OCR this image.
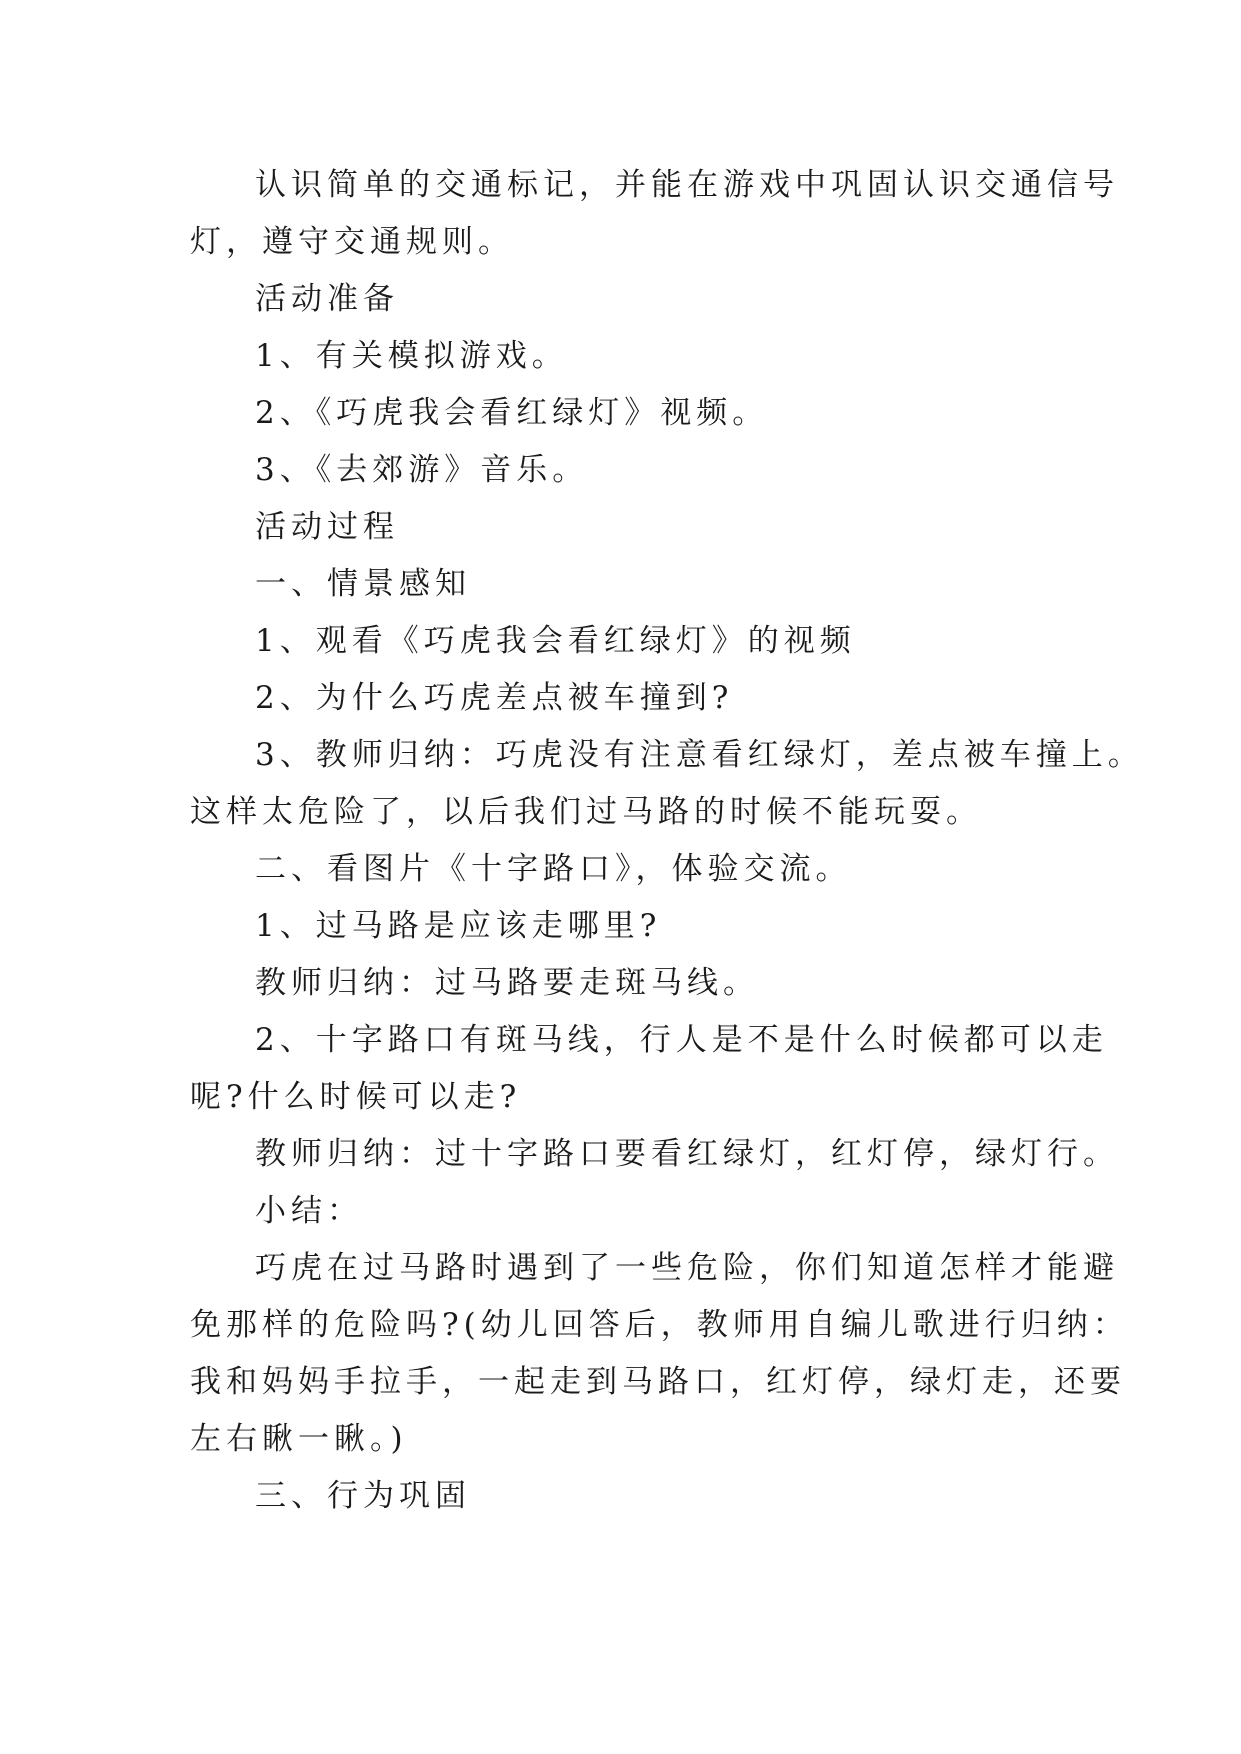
认识简单的交通标记，并能在游戏中巩固认识交通信号
灯，遵守交通规则。
活动准备
1、有关模拟游戏。
2、《巧虎我会看红绿灯》视频。
3、《去郊游》音乐。
活动过程
一、情景感知
1、观看《巧虎我会看红绿灯》的视频
2、为什么巧虎差点被车撞到?
3、教师归纳：巧虎没有注意看红绿灯，差点被车撞上。
这样太危险了，以后我们过马路的时候不能玩耍。
二、看图片《十字路口》，体验交流。
1、过马路是应该走哪里?
教师归纳：过马路要走斑马线。
2、十字路口有斑马线，行人是不是什么时候都可以走
呢?什么时候可以走?
教师归纳：过十字路口要看红绿灯，红灯停，绿灯行。
小结：
巧虎在过马路时遇到了一些危险，你们知道怎样才能避
免那样的危险吗?(幼儿回答后，教师用自编儿歌进行归纳：
我和妈妈手拉手，一起走到马路口，红灯停，绿灯走，还要
左右瞅一瞅。)
三、行为巩固
